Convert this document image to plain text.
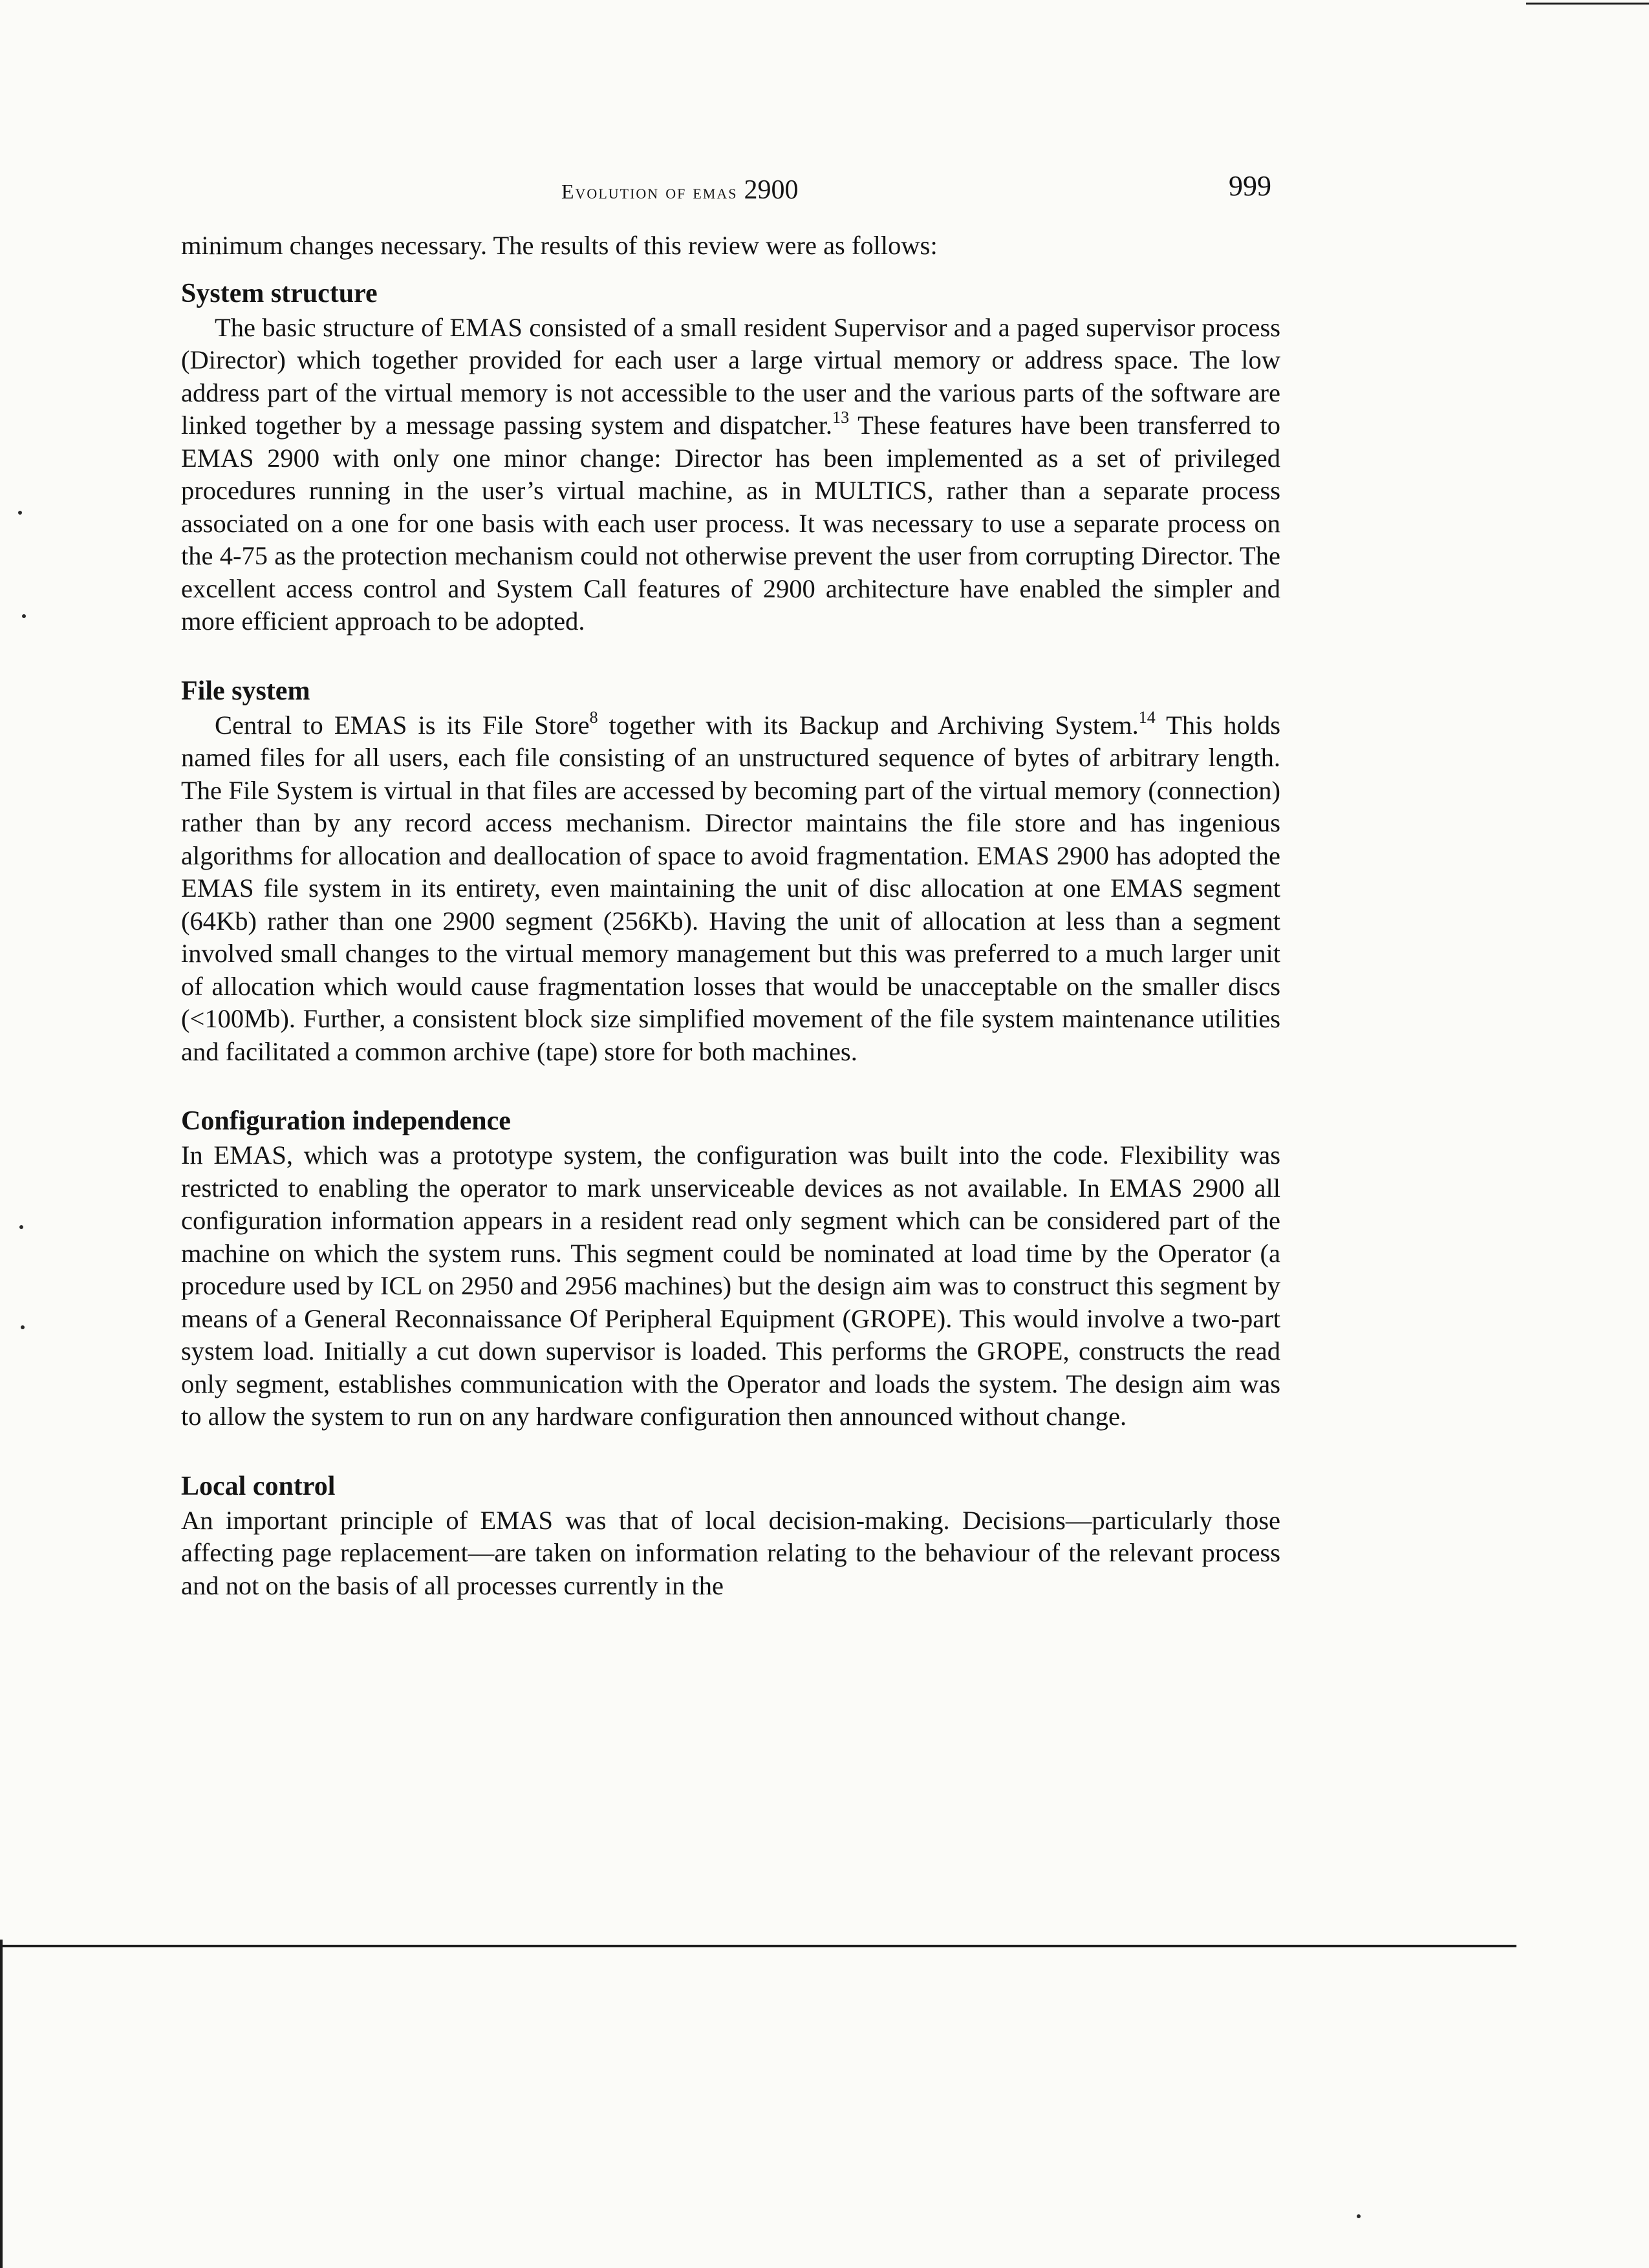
Evolution of emas 2900	999

minimum changes necessary. The results of this review were as follows:

System structure

The basic structure of EMAS consisted of a small resident Supervisor and a paged supervisor process (Director) which together provided for each user a large virtual memory or address space. The low address part of the virtual memory is not accessible to the user and the various parts of the software are linked together by a message passing system and dispatcher.$^{13}$ These features have been transferred to EMAS 2900 with only one minor change: Director has been implemented as a set of privileged procedures running in the user’s virtual machine, as in MULTICS, rather than a separate process associated on a one for one basis with each user process. It was necessary to use a separate process on the 4-75 as the protection mechanism could not otherwise prevent the user from corrupting Director. The excellent access control and System Call features of 2900 architecture have enabled the simpler and more efficient approach to be adopted.

File system

Central to EMAS is its File Store$^8$ together with its Backup and Archiving System.$^{14}$ This holds named files for all users, each file consisting of an unstructured sequence of bytes of arbitrary length. The File System is virtual in that files are accessed by becoming part of the virtual memory (connection) rather than by any record access mechanism. Director maintains the file store and has ingenious algorithms for allocation and deallocation of space to avoid fragmentation. EMAS 2900 has adopted the EMAS file system in its entirety, even maintaining the unit of disc allocation at one EMAS segment (64Kb) rather than one 2900 segment (256Kb). Having the unit of allocation at less than a segment involved small changes to the virtual memory management but this was preferred to a much larger unit of allocation which would cause fragmentation losses that would be unacceptable on the smaller discs (<100Mb). Further, a consistent block size simplified movement of the file system maintenance utilities and facilitated a common archive (tape) store for both machines.

Configuration independence

In EMAS, which was a prototype system, the configuration was built into the code. Flexibility was restricted to enabling the operator to mark unserviceable devices as not available. In EMAS 2900 all configuration information appears in a resident read only segment which can be considered part of the machine on which the system runs. This segment could be nominated at load time by the Operator (a procedure used by ICL on 2950 and 2956 machines) but the design aim was to construct this segment by means of a General Reconnaissance Of Peripheral Equipment (GROPE). This would involve a two-part system load. Initially a cut down supervisor is loaded. This performs the GROPE, constructs the read only segment, establishes communication with the Operator and loads the system. The design aim was to allow the system to run on any hardware configuration then announced without change.

Local control

An important principle of EMAS was that of local decision-making. Decisions—particularly those affecting page replacement—are taken on information relating to the behaviour of the relevant process and not on the basis of all processes currently in the
